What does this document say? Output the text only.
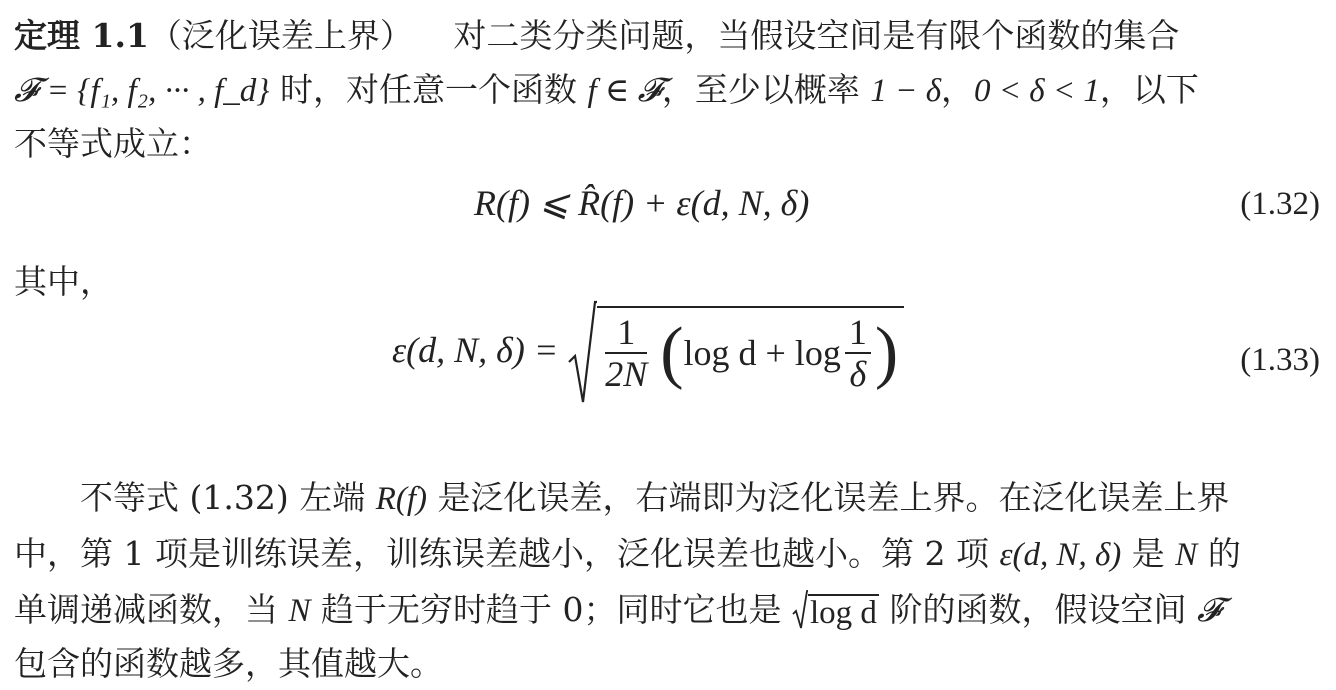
定理 1.1（泛化误差上界） 对二类分类问题，当假设空间是有限个函数的集合
𝓕 = {f₁, f₂, ··· , f_d} 时，对任意一个函数 f ∈ 𝓕，至少以概率 1 − δ，0 < δ < 1，以下
不等式成立：
R(f) ⩽ R̂(f) + ε(d, N, δ)	(1.32)
其中，
ε(d, N, $\delta) = \frac{1}{2N} (\log$ $d + \log \frac{1}{\delta}$ )	(1.33)
不等式 (1.32) 左端 R(f) 是泛化误差，右端即为泛化误差上界。在泛化误差上界
中，第 1 项是训练误差，训练误差越小，泛化误差也越小。第 2 项 ε(d, N, δ) 是 N 的
单调递减函数，当 N 趋于无穷时趋于 0；同时它也是 log d 阶的函数，假设空间 𝓕
包含的函数越多，其值越大。
